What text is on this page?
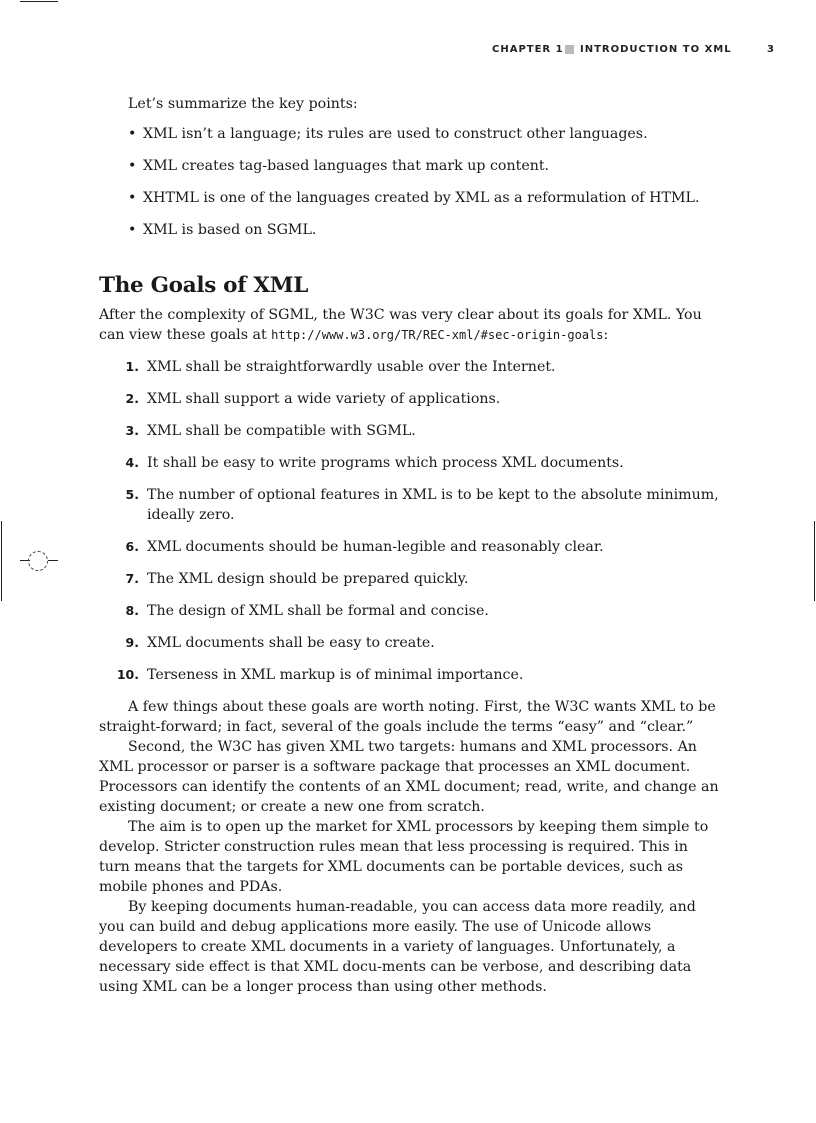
CHAPTER 1 INTRODUCTION TO XML	3

Let’s summarize the key points:

• XML isn’t a language; its rules are used to construct other languages.
• XML creates tag-based languages that mark up content.
• XHTML is one of the languages created by XML as a reformulation of HTML.
• XML is based on SGML.
The Goals of XML

After the complexity of SGML, the W3C was very clear about its goals for XML. You can view these goals at http://www.w3.org/TR/REC-xml/#sec-origin-goals:

1. XML shall be straightforwardly usable over the Internet.
2. XML shall support a wide variety of applications.
3. XML shall be compatible with SGML.
4. It shall be easy to write programs which process XML documents.
5. The number of optional features in XML is to be kept to the absolute minimum, ideally zero.
6. XML documents should be human-legible and reasonably clear.
7. The XML design should be prepared quickly.
8. The design of XML shall be formal and concise.
9. XML documents shall be easy to create.
10. Terseness in XML markup is of minimal importance.

A few things about these goals are worth noting. First, the W3C wants XML to be straight-forward; in fact, several of the goals include the terms “easy” and “clear.”

Second, the W3C has given XML two targets: humans and XML processors. An XML processor or parser is a software package that processes an XML document. Processors can identify the contents of an XML document; read, write, and change an existing document; or create a new one from scratch.

The aim is to open up the market for XML processors by keeping them simple to develop. Stricter construction rules mean that less processing is required. This in turn means that the targets for XML documents can be portable devices, such as mobile phones and PDAs.

By keeping documents human-readable, you can access data more readily, and you can build and debug applications more easily. The use of Unicode allows developers to create XML documents in a variety of languages. Unfortunately, a necessary side effect is that XML docu-ments can be verbose, and describing data using XML can be a longer process than using other methods.
